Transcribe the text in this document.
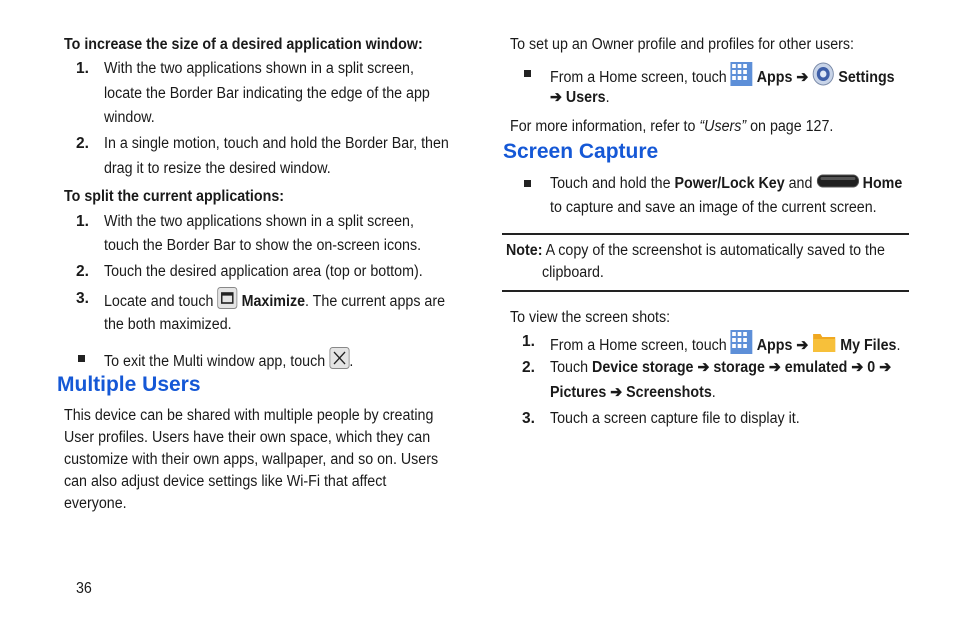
To increase the size of a desired application window:
1. With the two applications shown in a split screen,
locate the Border Bar indicating the edge of the app
window.
2. In a single motion, touch and hold the Border Bar, then
drag it to resize the desired window.
To split the current applications:
1. With the two applications shown in a split screen,
touch the Border Bar to show the on-screen icons.
2. Touch the desired application area (top or bottom).
3. Locate and touch  Maximize. The current apps are
the both maximized.
To exit the Multi window app, touch .
Multiple Users
This device can be shared with multiple people by creating
User profiles. Users have their own space, which they can
customize with their own apps, wallpaper, and so on. Users
can also adjust device settings like Wi-Fi that affect
everyone.
36
To set up an Owner profile and profiles for other users:
From a Home screen, touch Apps ➔ Settings
➔ Users.
For more information, refer to “Users” on page 127.
Screen Capture
Touch and hold the Power/Lock Key and	Home
to capture and save an image of the current screen.
Note: A copy of the screenshot is automatically saved to the
clipboard.
To view the screen shots:
1. From a Home screen, touch Apps ➔ My Files.
2. Touch Device storage ➔ storage ➔ emulated ➔ 0 ➔
Pictures ➔ Screenshots.
3. Touch a screen capture file to display it.
